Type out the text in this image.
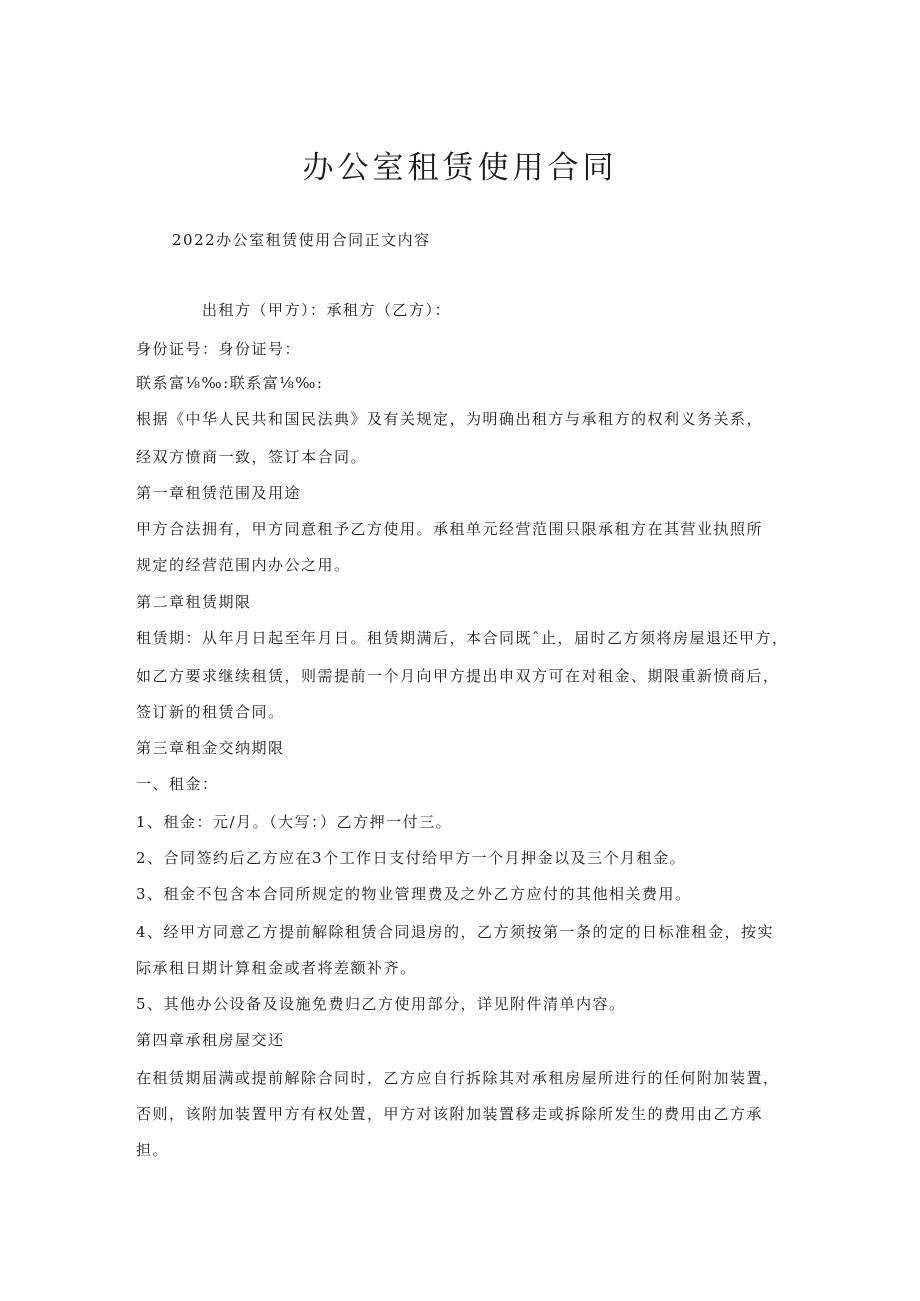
办公室租赁使用合同
2022办公室租赁使用合同正文内容
出租方（甲方）：承租方（乙方）：
身份证号：身份证号：
联系富⅛‰:联系富⅛‰:
根据《中华人民共和国民法典》及有关规定，为明确出租方与承租方的权利义务关系，
经双方愤商一致，签订本合同。
第一章租赁范围及用途
甲方合法拥有，甲方同意租予乙方使用。承租单元经营范围只限承租方在其营业执照所
规定的经营范围内办公之用。
第二章租赁期限
租赁期：从年月日起至年月日。租赁期满后，本合同既ˆ止，届时乙方须将房屋退还甲方，
如乙方要求继续租赁，则需提前一个月向甲方提出申双方可在对租金、期限重新愤商后，
签订新的租赁合同。
第三章租金交纳期限
一、租金：
1、租金：元/月。（大写：）乙方押一付三。
2、合同签约后乙方应在3个工作日支付给甲方一个月押金以及三个月租金。
3、租金不包含本合同所规定的物业管理费及之外乙方应付的其他相关费用。
4、经甲方同意乙方提前解除租赁合同退房的，乙方须按第一条的定的日标准租金，按实
际承租日期计算租金或者将差额补齐。
5、其他办公设备及设施免费归乙方使用部分，详见附件清单内容。
第四章承租房屋交还
在租赁期届满或提前解除合同时，乙方应自行拆除其对承租房屋所进行的任何附加装置，
否则，该附加装置甲方有权处置，甲方对该附加装置移走或拆除所发生的费用由乙方承
担。
